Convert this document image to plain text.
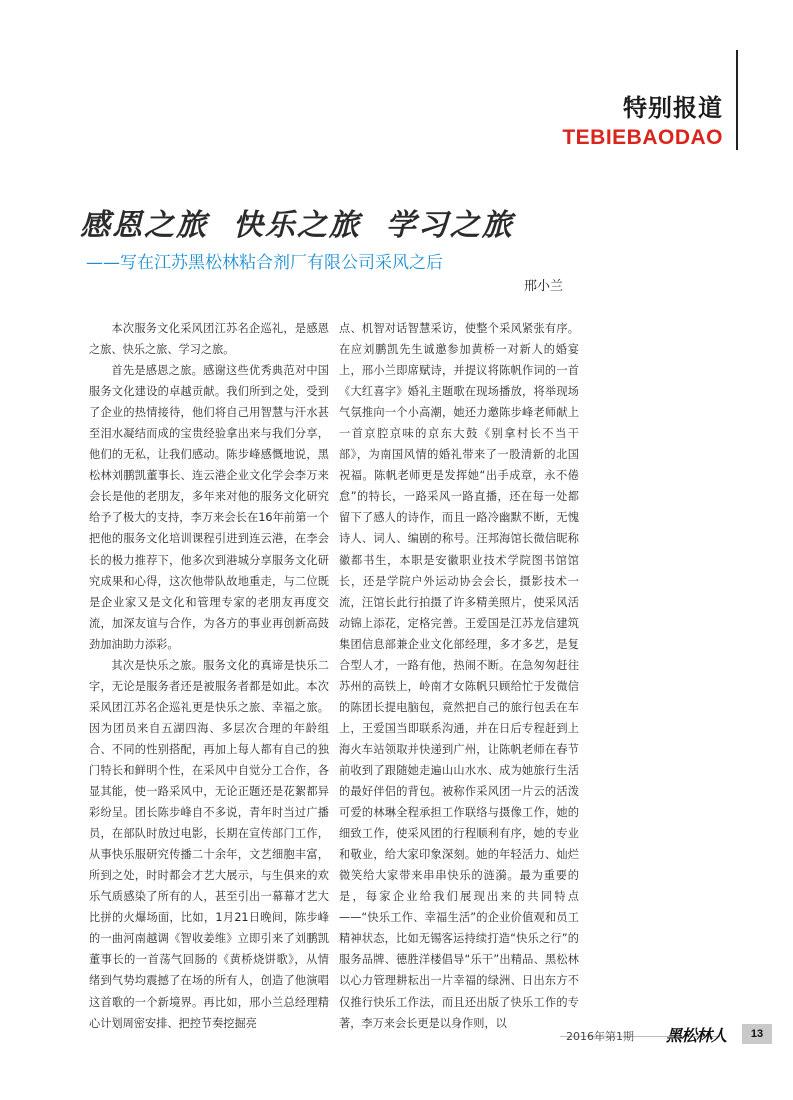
特别报道
TEBIEBAODAO
感恩之旅  快乐之旅  学习之旅
——写在江苏黑松林粘合剂厂有限公司采风之后
邢小兰

本次服务文化采风团江苏名企巡礼，是感恩之旅、快乐之旅、学习之旅。

首先是感恩之旅。感谢这些优秀典范对中国服务文化建设的卓越贡献。我们所到之处，受到了企业的热情接待，他们将自己用智慧与汗水甚至泪水凝结而成的宝贵经验拿出来与我们分享，他们的无私，让我们感动。陈步峰感慨地说，黑松林刘鹏凯董事长、连云港企业文化学会李万来会长是他的老朋友，多年来对他的服务文化研究给予了极大的支持，李万来会长在16年前第一个把他的服务文化培训课程引进到连云港，在李会长的极力推荐下，他多次到港城分享服务文化研究成果和心得，这次他带队故地重走，与二位既是企业家又是文化和管理专家的老朋友再度交流，加深友谊与合作，为各方的事业再创新高鼓劲加油助力添彩。

其次是快乐之旅。服务文化的真谛是快乐二字，无论是服务者还是被服务者都是如此。本次采风团江苏名企巡礼更是快乐之旅、幸福之旅。因为团员来自五湖四海、多层次合理的年龄组合、不同的性别搭配，再加上每人都有自己的独门特长和鲜明个性，在采风中自觉分工合作，各显其能，使一路采风中，无论正题还是花絮都异彩纷呈。团长陈步峰自不多说，青年时当过广播员，在部队时放过电影，长期在宣传部门工作，从事快乐服研究传播二十余年，文艺细胞丰富，所到之处，时时都会才艺大展示，与生俱来的欢乐气质感染了所有的人，甚至引出一幕幕才艺大比拼的火爆场面，比如，1月21日晚间，陈步峰的一曲河南越调《智收姜维》立即引来了刘鹏凯董事长的一首荡气回肠的《黄桥烧饼歌》，从情绪到气势均震撼了在场的所有人，创造了他演唱这首歌的一个新境界。再比如，邢小兰总经理精心计划周密安排、把控节奏挖掘亮

点、机智对话智慧采访，使整个采风紧张有序。在应刘鹏凯先生诚邀参加黄桥一对新人的婚宴上，邢小兰即席赋诗，并提议将陈帆作词的一首《大红喜字》婚礼主题歌在现场播放，将举现场气氛推向一个小高潮，她还力邀陈步峰老师献上一首京腔京味的京东大鼓《别拿村长不当干部》，为南国风情的婚礼带来了一股清新的北国祝福。陈帆老师更是发挥她“出手成章，永不倦怠”的特长，一路采风一路直播，还在每一处都留下了感人的诗作，而且一路冷幽默不断，无愧诗人、词人、编剧的称号。汪邦海馆长微信昵称徽都书生，本职是安徽职业技术学院图书馆馆长，还是学院户外运动协会会长，摄影技术一流，汪馆长此行拍摄了许多精美照片，使采风活动锦上添花，定格完善。王爱国是江苏龙信建筑集团信息部兼企业文化部经理，多才多艺，是复合型人才，一路有他，热闹不断。在急匆匆赶往苏州的高铁上，岭南才女陈帆只顾给忙于发微信的陈团长提电脑包，竟然把自己的旅行包丢在车上，王爱国当即联系沟通，并在日后专程赶到上海火车站领取并快递到广州，让陈帆老师在春节前收到了跟随她走遍山山水水、成为她旅行生活的最好伴侣的背包。被称作采风团一片云的活泼可爱的林琳全程承担工作联络与摄像工作，她的细致工作，使采风团的行程顺利有序，她的专业和敬业，给大家印象深刻。她的年轻活力、灿烂微笑给大家带来串串快乐的涟漪。最为重要的是，每家企业给我们展现出来的共同特点——“快乐工作、幸福生活”的企业价值观和员工精神状态，比如无锡客运持续打造“快乐之行”的服务品牌、德胜洋楼倡导“乐干”出精品、黑松林以心力管理耕耘出一片幸福的绿洲、日出东方不仅推行快乐工作法，而且还出版了快乐工作的专著，李万来会长更是以身作则，以

2016年第1期 黑松林人	13
